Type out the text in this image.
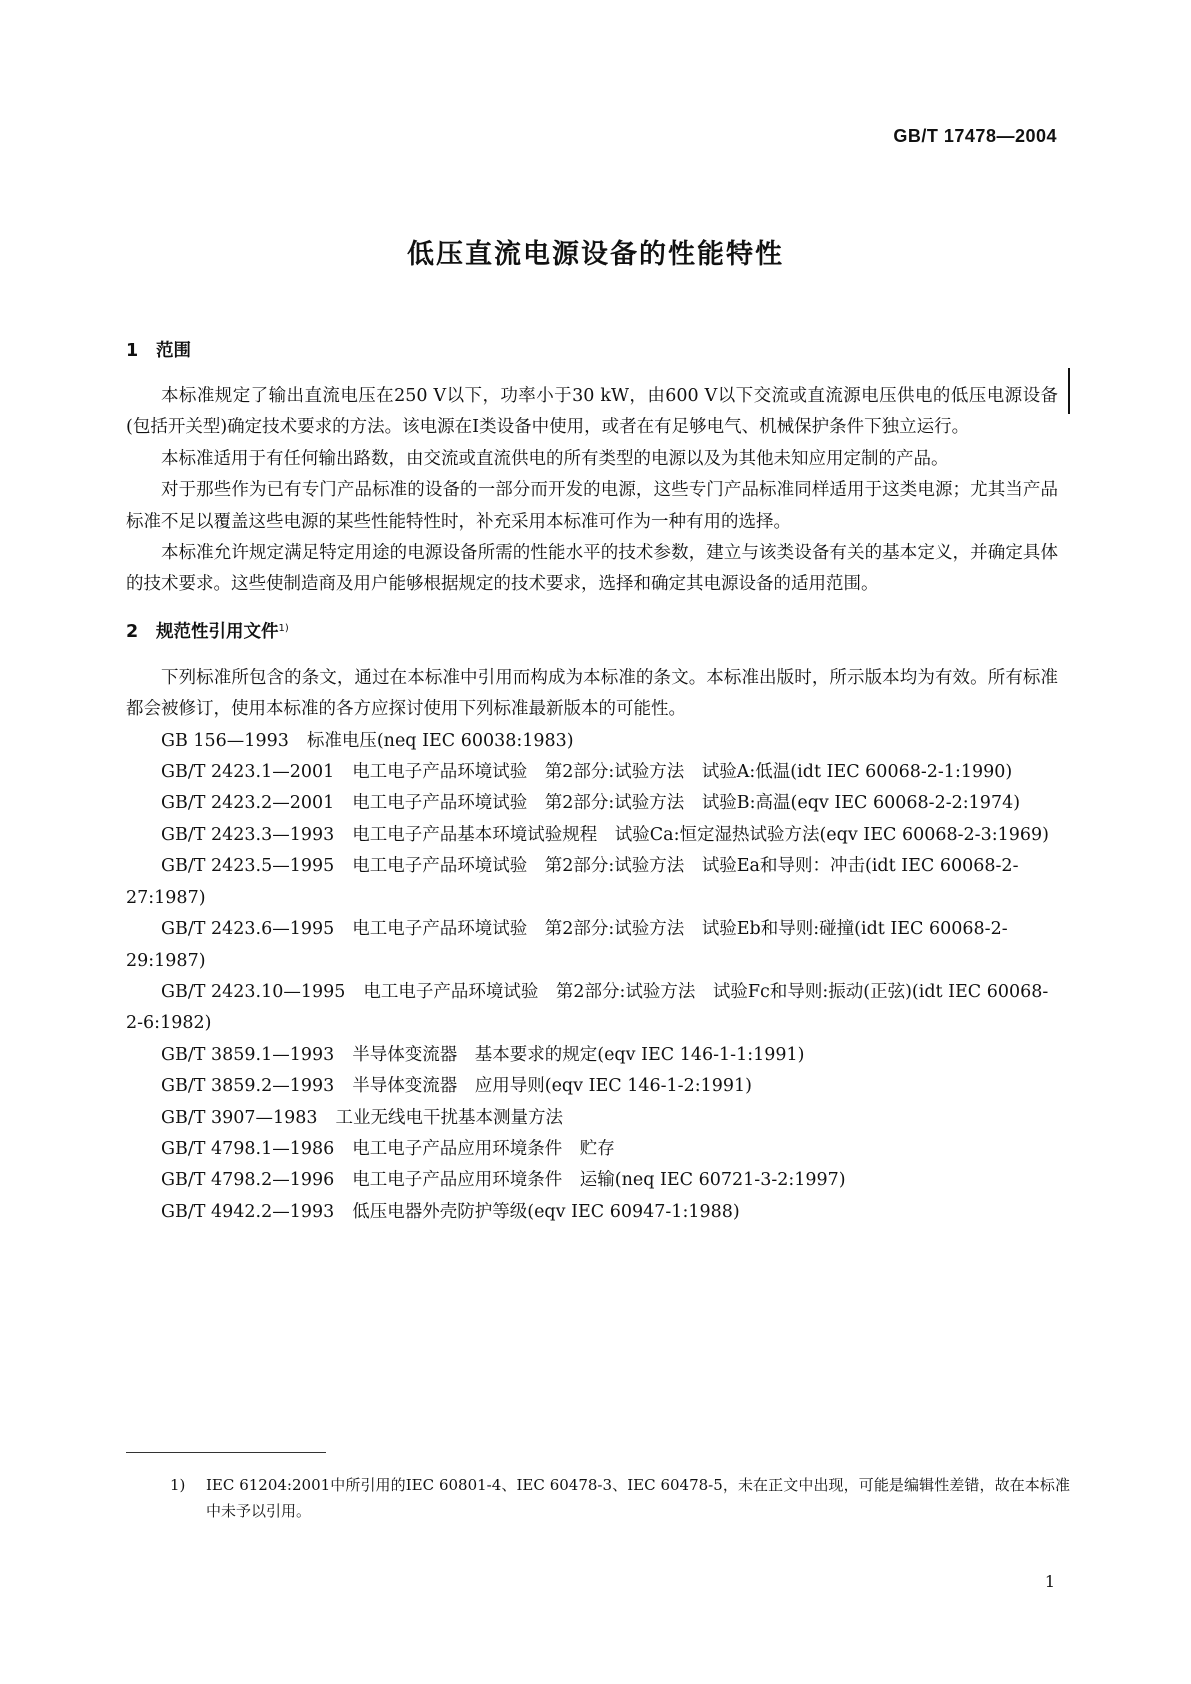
GB/T 17478—2004
低压直流电源设备的性能特性
1 范围

本标准规定了输出直流电压在250 V以下，功率小于30 kW，由600 V以下交流或直流源电压供电的低压电源设备(包括开关型)确定技术要求的方法。该电源在Ⅰ类设备中使用，或者在有足够电气、机械保护条件下独立运行。

本标准适用于有任何输出路数，由交流或直流供电的所有类型的电源以及为其他未知应用定制的产品。

对于那些作为已有专门产品标准的设备的一部分而开发的电源，这些专门产品标准同样适用于这类电源；尤其当产品标准不足以覆盖这些电源的某些性能特性时，补充采用本标准可作为一种有用的选择。

本标准允许规定满足特定用途的电源设备所需的性能水平的技术参数，建立与该类设备有关的基本定义，并确定具体的技术要求。这些使制造商及用户能够根据规定的技术要求，选择和确定其电源设备的适用范围。

2 规范性引用文件$^{1)}$

下列标准所包含的条文，通过在本标准中引用而构成为本标准的条文。本标准出版时，所示版本均为有效。所有标准都会被修订，使用本标准的各方应探讨使用下列标准最新版本的可能性。

GB 156—1993 标准电压(neq IEC 60038:1983)

GB/T 2423.1—2001 电工电子产品环境试验　第2部分:试验方法　试验A:低温(idt IEC 60068-2-1:1990)

GB/T 2423.2—2001 电工电子产品环境试验　第2部分:试验方法　试验B:高温(eqv IEC 60068-2-2:1974)

GB/T 2423.3—1993 电工电子产品基本环境试验规程　试验Ca:恒定湿热试验方法(eqv IEC 60068-2-3:1969)

GB/T 2423.5—1995 电工电子产品环境试验　第2部分:试验方法　试验Ea和导则：冲击(idt IEC 60068-2-27:1987)

GB/T 2423.6—1995 电工电子产品环境试验　第2部分:试验方法　试验Eb和导则:碰撞(idt IEC 60068-2-29:1987)

GB/T 2423.10—1995 电工电子产品环境试验　第2部分:试验方法　试验Fc和导则:振动(正弦)(idt IEC 60068-2-6:1982)

GB/T 3859.1—1993 半导体变流器　基本要求的规定(eqv IEC 146-1-1:1991)

GB/T 3859.2—1993 半导体变流器　应用导则(eqv IEC 146-1-2:1991)

GB/T 3907—1983 工业无线电干扰基本测量方法

GB/T 4798.1—1986 电工电子产品应用环境条件　贮存

GB/T 4798.2—1996 电工电子产品应用环境条件　运输(neq IEC 60721-3-2:1997)

GB/T 4942.2—1993 低压电器外壳防护等级(eqv IEC 60947-1:1988)

1) IEC 61204:2001中所引用的IEC 60801-4、IEC 60478-3、IEC 60478-5，未在正文中出现，可能是编辑性差错，故在本标准中未予以引用。
1
